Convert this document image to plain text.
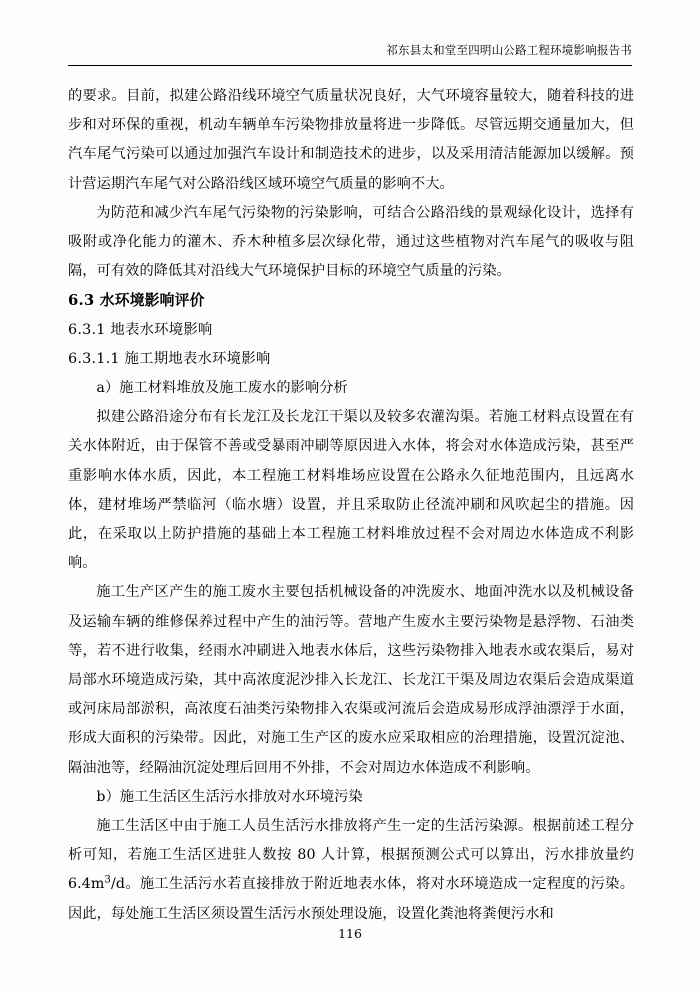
祁东县太和堂至四明山公路工程环境影响报告书

的要求。目前，拟建公路沿线环境空气质量状况良好，大气环境容量较大，随着科技的进步和对环保的重视，机动车辆单车污染物排放量将进一步降低。尽管远期交通量加大，但汽车尾气污染可以通过加强汽车设计和制造技术的进步，以及采用清洁能源加以缓解。预计营运期汽车尾气对公路沿线区域环境空气质量的影响不大。

为防范和减少汽车尾气污染物的污染影响，可结合公路沿线的景观绿化设计，选择有吸附或净化能力的灌木、乔木种植多层次绿化带，通过这些植物对汽车尾气的吸收与阻隔，可有效的降低其对沿线大气环境保护目标的环境空气质量的污染。

6.3 水环境影响评价
6.3.1 地表水环境影响
6.3.1.1 施工期地表水环境影响

a）施工材料堆放及施工废水的影响分析

拟建公路沿途分布有长龙江及长龙江干渠以及较多农灌沟渠。若施工材料点设置在有关水体附近，由于保管不善或受暴雨冲刷等原因进入水体，将会对水体造成污染，甚至严重影响水体水质，因此，本工程施工材料堆场应设置在公路永久征地范围内，且远离水体，建材堆场严禁临河（临水塘）设置，并且采取防止径流冲刷和风吹起尘的措施。因此，在采取以上防护措施的基础上本工程施工材料堆放过程不会对周边水体造成不利影响。

施工生产区产生的施工废水主要包括机械设备的冲洗废水、地面冲洗水以及机械设备及运输车辆的维修保养过程中产生的油污等。营地产生废水主要污染物是悬浮物、石油类等，若不进行收集，经雨水冲刷进入地表水体后，这些污染物排入地表水或农渠后，易对局部水环境造成污染，其中高浓度泥沙排入长龙江、长龙江干渠及周边农渠后会造成渠道或河床局部淤积，高浓度石油类污染物排入农渠或河流后会造成易形成浮油漂浮于水面，形成大面积的污染带。因此，对施工生产区的废水应采取相应的治理措施，设置沉淀池、隔油池等，经隔油沉淀处理后回用不外排，不会对周边水体造成不利影响。

b）施工生活区生活污水排放对水环境污染

施工生活区中由于施工人员生活污水排放将产生一定的生活污染源。根据前述工程分析可知，若施工生活区进驻人数按 80 人计算，根据预测公式可以算出，污水排放量约 $6.4m^3/d$。施工生活污水若直接排放于附近地表水体，将对水环境造成一定程度的污染。因此，每处施工生活区须设置生活污水预处理设施，设置化粪池将粪便污水和

116
